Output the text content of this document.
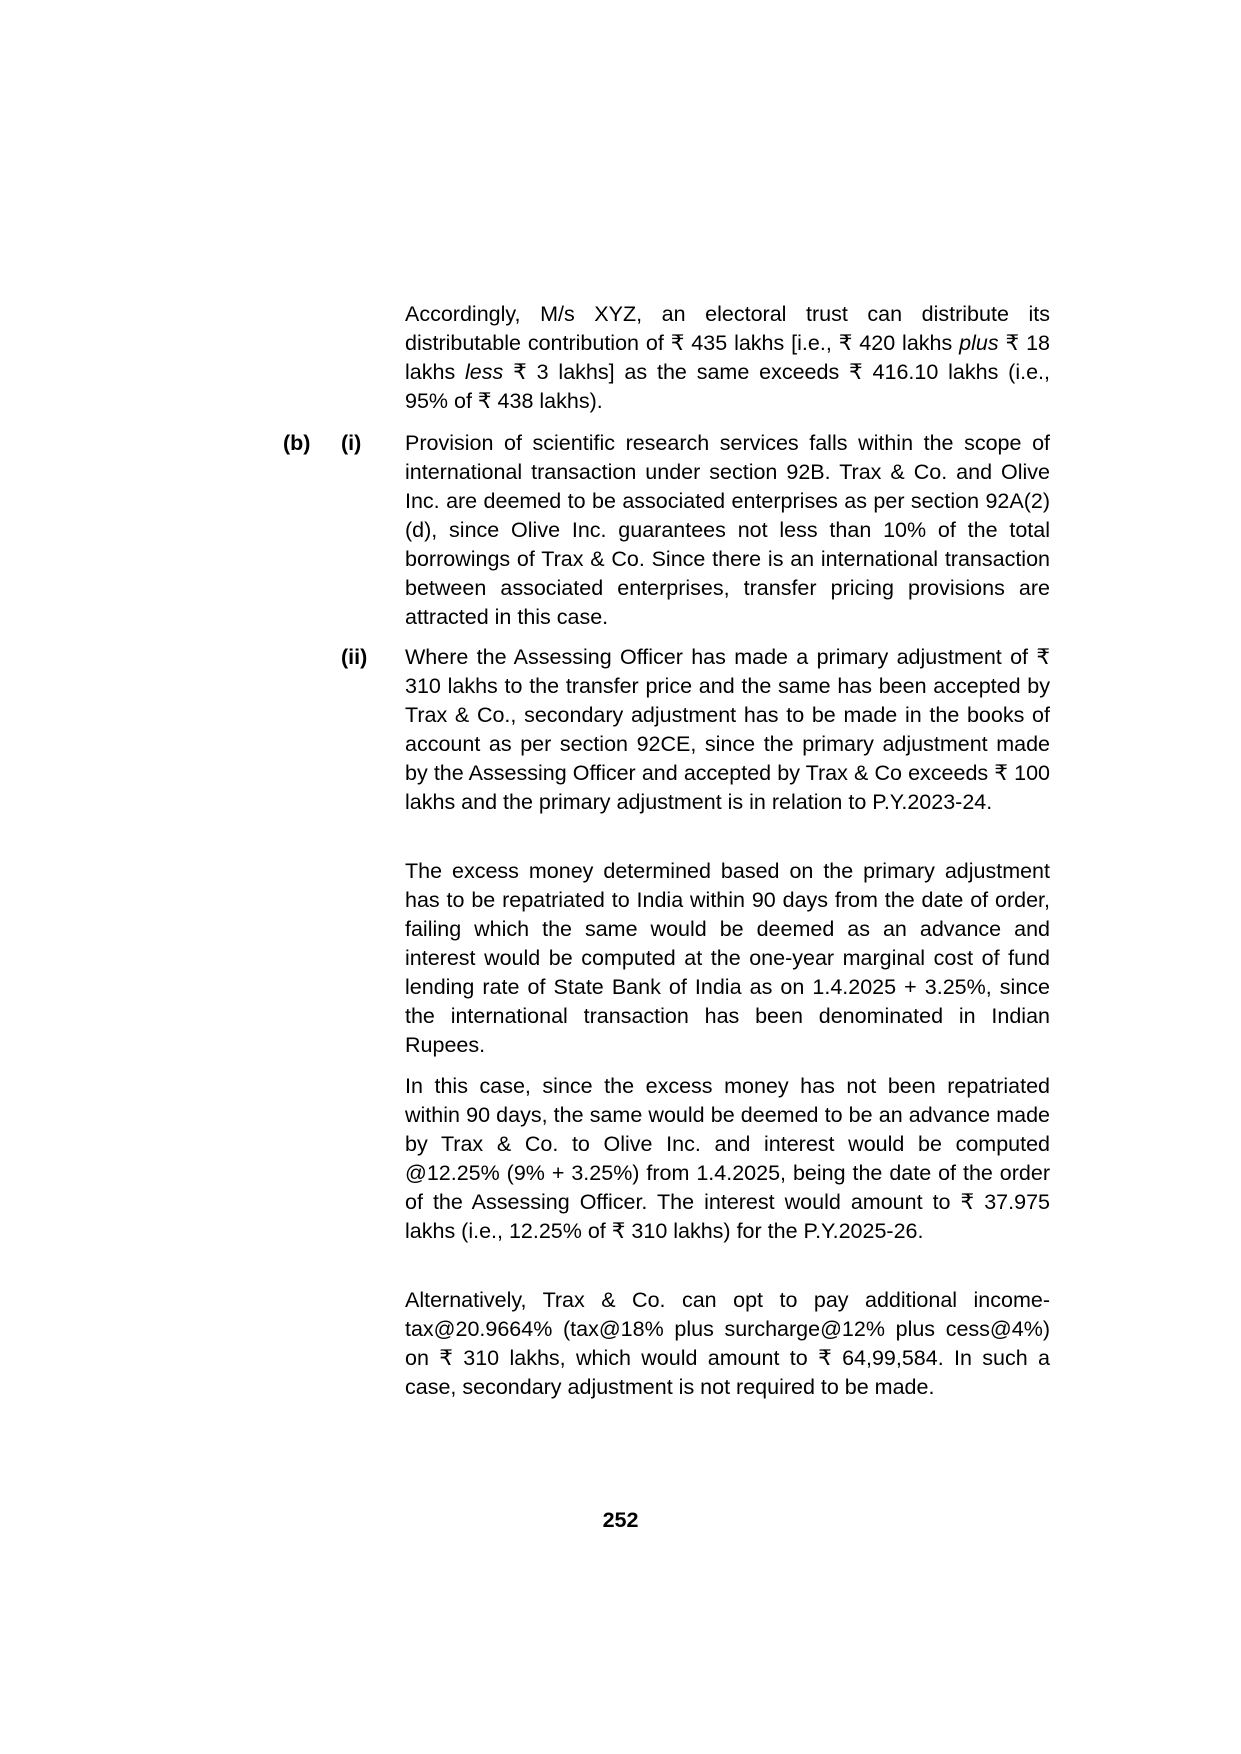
Accordingly, M/s XYZ, an electoral trust can distribute its distributable contribution of ₹ 435 lakhs [i.e., ₹ 420 lakhs plus ₹ 18 lakhs less ₹ 3 lakhs] as the same exceeds ₹ 416.10 lakhs (i.e., 95% of ₹ 438 lakhs).

(b) (i) Provision of scientific research services falls within the scope of international transaction under section 92B. Trax & Co. and Olive Inc. are deemed to be associated enterprises as per section 92A(2)(d), since Olive Inc. guarantees not less than 10% of the total borrowings of Trax & Co. Since there is an international transaction between associated enterprises, transfer pricing provisions are attracted in this case.

(ii) Where the Assessing Officer has made a primary adjustment of ₹ 310 lakhs to the transfer price and the same has been accepted by Trax & Co., secondary adjustment has to be made in the books of account as per section 92CE, since the primary adjustment made by the Assessing Officer and accepted by Trax & Co exceeds ₹ 100 lakhs and the primary adjustment is in relation to P.Y.2023-24.

The excess money determined based on the primary adjustment has to be repatriated to India within 90 days from the date of order, failing which the same would be deemed as an advance and interest would be computed at the one-year marginal cost of fund lending rate of State Bank of India as on 1.4.2025 + 3.25%, since the international transaction has been denominated in Indian Rupees.

In this case, since the excess money has not been repatriated within 90 days, the same would be deemed to be an advance made by Trax & Co. to Olive Inc. and interest would be computed @12.25% (9% + 3.25%) from 1.4.2025, being the date of the order of the Assessing Officer. The interest would amount to ₹ 37.975 lakhs (i.e., 12.25% of ₹ 310 lakhs) for the P.Y.2025-26.

Alternatively, Trax & Co. can opt to pay additional income-tax@20.9664% (tax@18% plus surcharge@12% plus cess@4%) on ₹ 310 lakhs, which would amount to ₹ 64,99,584. In such a case, secondary adjustment is not required to be made.

252
